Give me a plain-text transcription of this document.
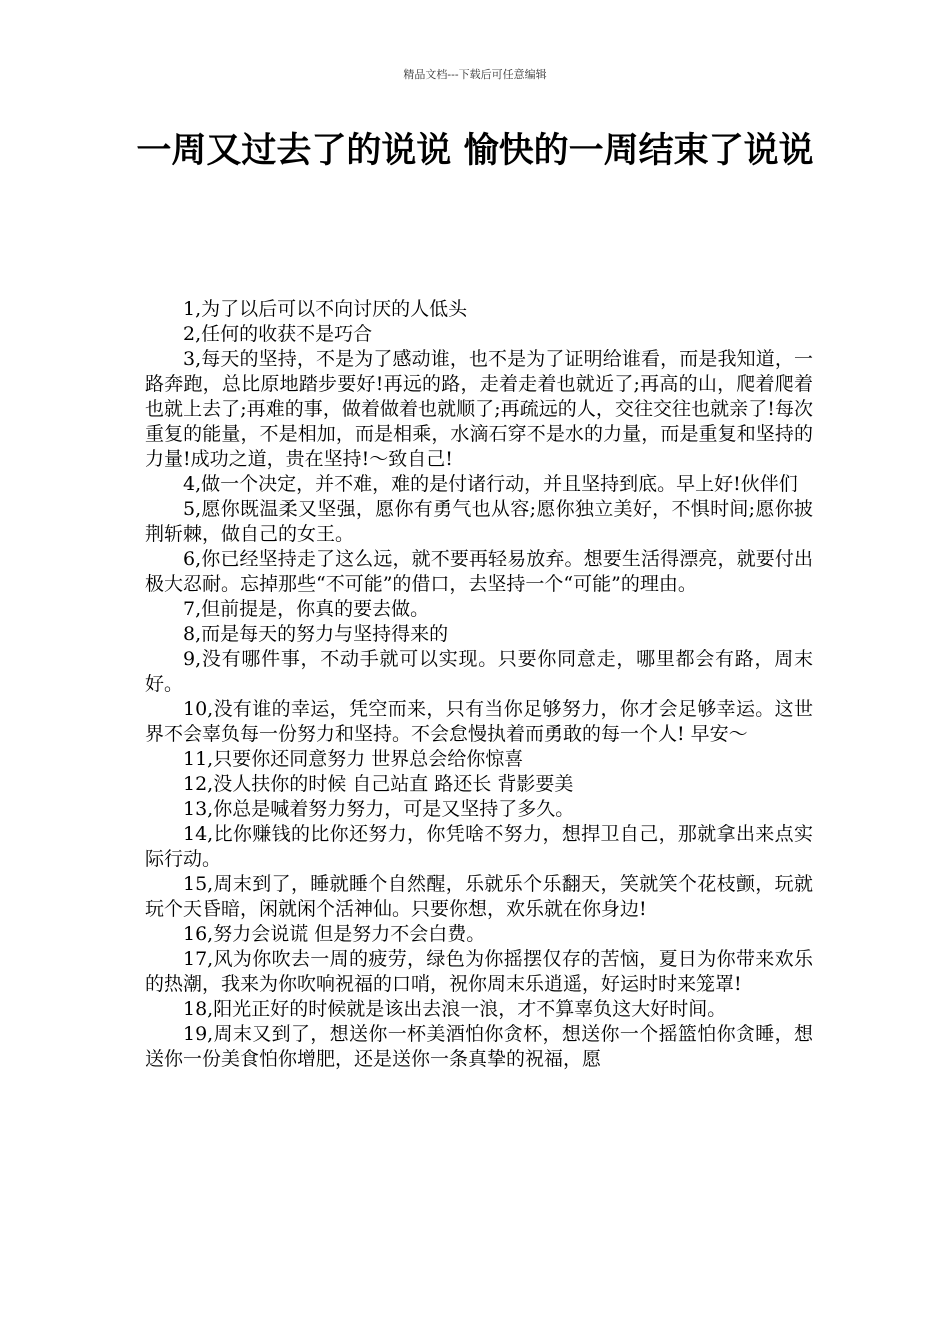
精品文档---下载后可任意编辑
一周又过去了的说说 愉快的一周结束了说说

1,为了以后可以不向讨厌的人低头

2,任何的收获不是巧合

3,每天的坚持，不是为了感动谁，也不是为了证明给谁看，而是我知道，一路奔跑，总比原地踏步要好!再远的路，走着走着也就近了;再高的山，爬着爬着也就上去了;再难的事，做着做着也就顺了;再疏远的人，交往交往也就亲了!每次重复的能量，不是相加，而是相乘，水滴石穿不是水的力量，而是重复和坚持的力量!成功之道，贵在坚持!～致自己!

4,做一个决定，并不难，难的是付诸行动，并且坚持到底。早上好!伙伴们

5,愿你既温柔又坚强，愿你有勇气也从容;愿你独立美好，不惧时间;愿你披荆斩棘，做自己的女王。

6,你已经坚持走了这么远，就不要再轻易放弃。想要生活得漂亮，就要付出极大忍耐。忘掉那些“不可能”的借口，去坚持一个“可能”的理由。

7,但前提是，你真的要去做。

8,而是每天的努力与坚持得来的

9,没有哪件事，不动手就可以实现。只要你同意走，哪里都会有路，周末好。

10,没有谁的幸运，凭空而来，只有当你足够努力，你才会足够幸运。这世界不会辜负每一份努力和坚持。不会怠慢执着而勇敢的每一个人! 早安～

11,只要你还同意努力 世界总会给你惊喜

12,没人扶你的时候 自己站直 路还长 背影要美

13,你总是喊着努力努力，可是又坚持了多久。

14,比你赚钱的比你还努力，你凭啥不努力，想捍卫自己，那就拿出来点实际行动。

15,周末到了，睡就睡个自然醒，乐就乐个乐翻天，笑就笑个花枝颤，玩就玩个天昏暗，闲就闲个活神仙。只要你想，欢乐就在你身边!

16,努力会说谎 但是努力不会白费。

17,风为你吹去一周的疲劳，绿色为你摇摆仅存的苦恼，夏日为你带来欢乐的热潮，我来为你吹响祝福的口哨，祝你周末乐逍遥，好运时时来笼罩!

18,阳光正好的时候就是该出去浪一浪，才不算辜负这大好时间。

19,周末又到了，想送你一杯美酒怕你贪杯，想送你一个摇篮怕你贪睡，想送你一份美食怕你增肥，还是送你一条真挚的祝福，愿
